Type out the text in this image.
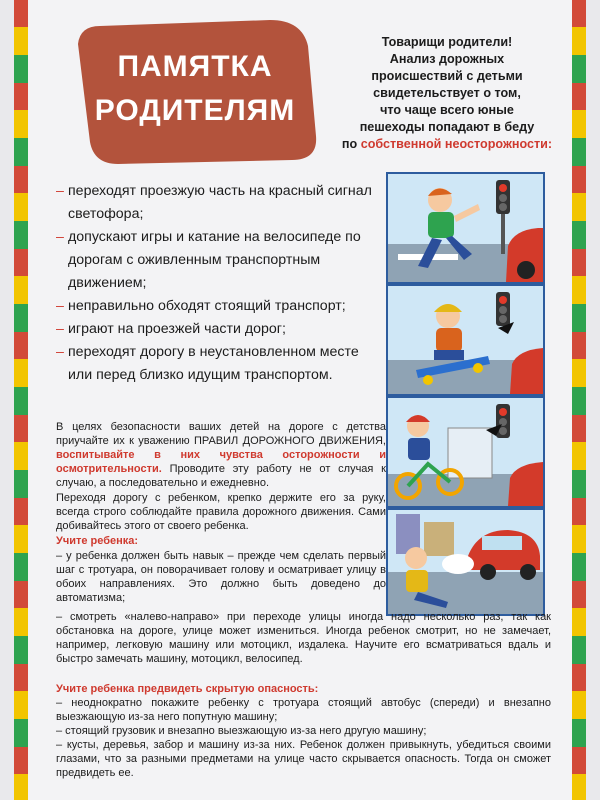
ПАМЯТКА
РОДИТЕЛЯМ
Товарищи родители!
Анализ дорожных
происшествий с детьми
свидетельствует о том,
что чаще всего юные
пешеходы попадают в беду
по собственной неосторожности:
– переходят проезжую часть на красный сигнал светофора;
– допускают игры и катание на велосипеде по дорогам с оживленным транспортным движением;
– неправильно обходят стоящий транспорт;
– играют на проезжей части дорог;
– переходят дорогу в неустановленном месте или перед близко идущим транспортом.

В целях безопасности ваших детей на дороге с детства приучайте их к уважению ПРАВИЛ ДОРОЖНОГО ДВИЖЕНИЯ, воспитывайте в них чувства осторожности и осмотрительности. Проводите эту работу не от случая к случаю, а последовательно и ежедневно.

Переходя дорогу с ребенком, крепко держите его за руку, всегда строго соблюдайте правила дорожного движения. Сами добивайтесь этого от своего ребенка.

Учите ребенка:

– у ребенка должен быть навык – прежде чем сделать первый шаг с тротуара, он поворачивает голову и осматривает улицу в обоих направлениях. Это должно быть доведено до автоматизма;

– смотреть «налево-направо» при переходе улицы иногда надо несколько раз, так как обстановка на дороге, улице может измениться. Иногда ребенок смотрит, но не замечает, например, легковую машину или мотоцикл, издалека. Научите его всматриваться вдаль и быстро замечать машину, мотоцикл, велосипед.

Учите ребенка предвидеть скрытую опасность:

– неоднократно покажите ребенку с тротуара стоящий автобус (спереди) и внезапно выезжающую из-за него попутную машину;

– стоящий грузовик и внезапно выезжающую из-за него другую машину;

– кусты, деревья, забор и машину из-за них. Ребенок должен привыкнуть, убедиться своими глазами, что за разными предметами на улице часто скрывается опасность. Тогда он сможет предвидеть ее.
